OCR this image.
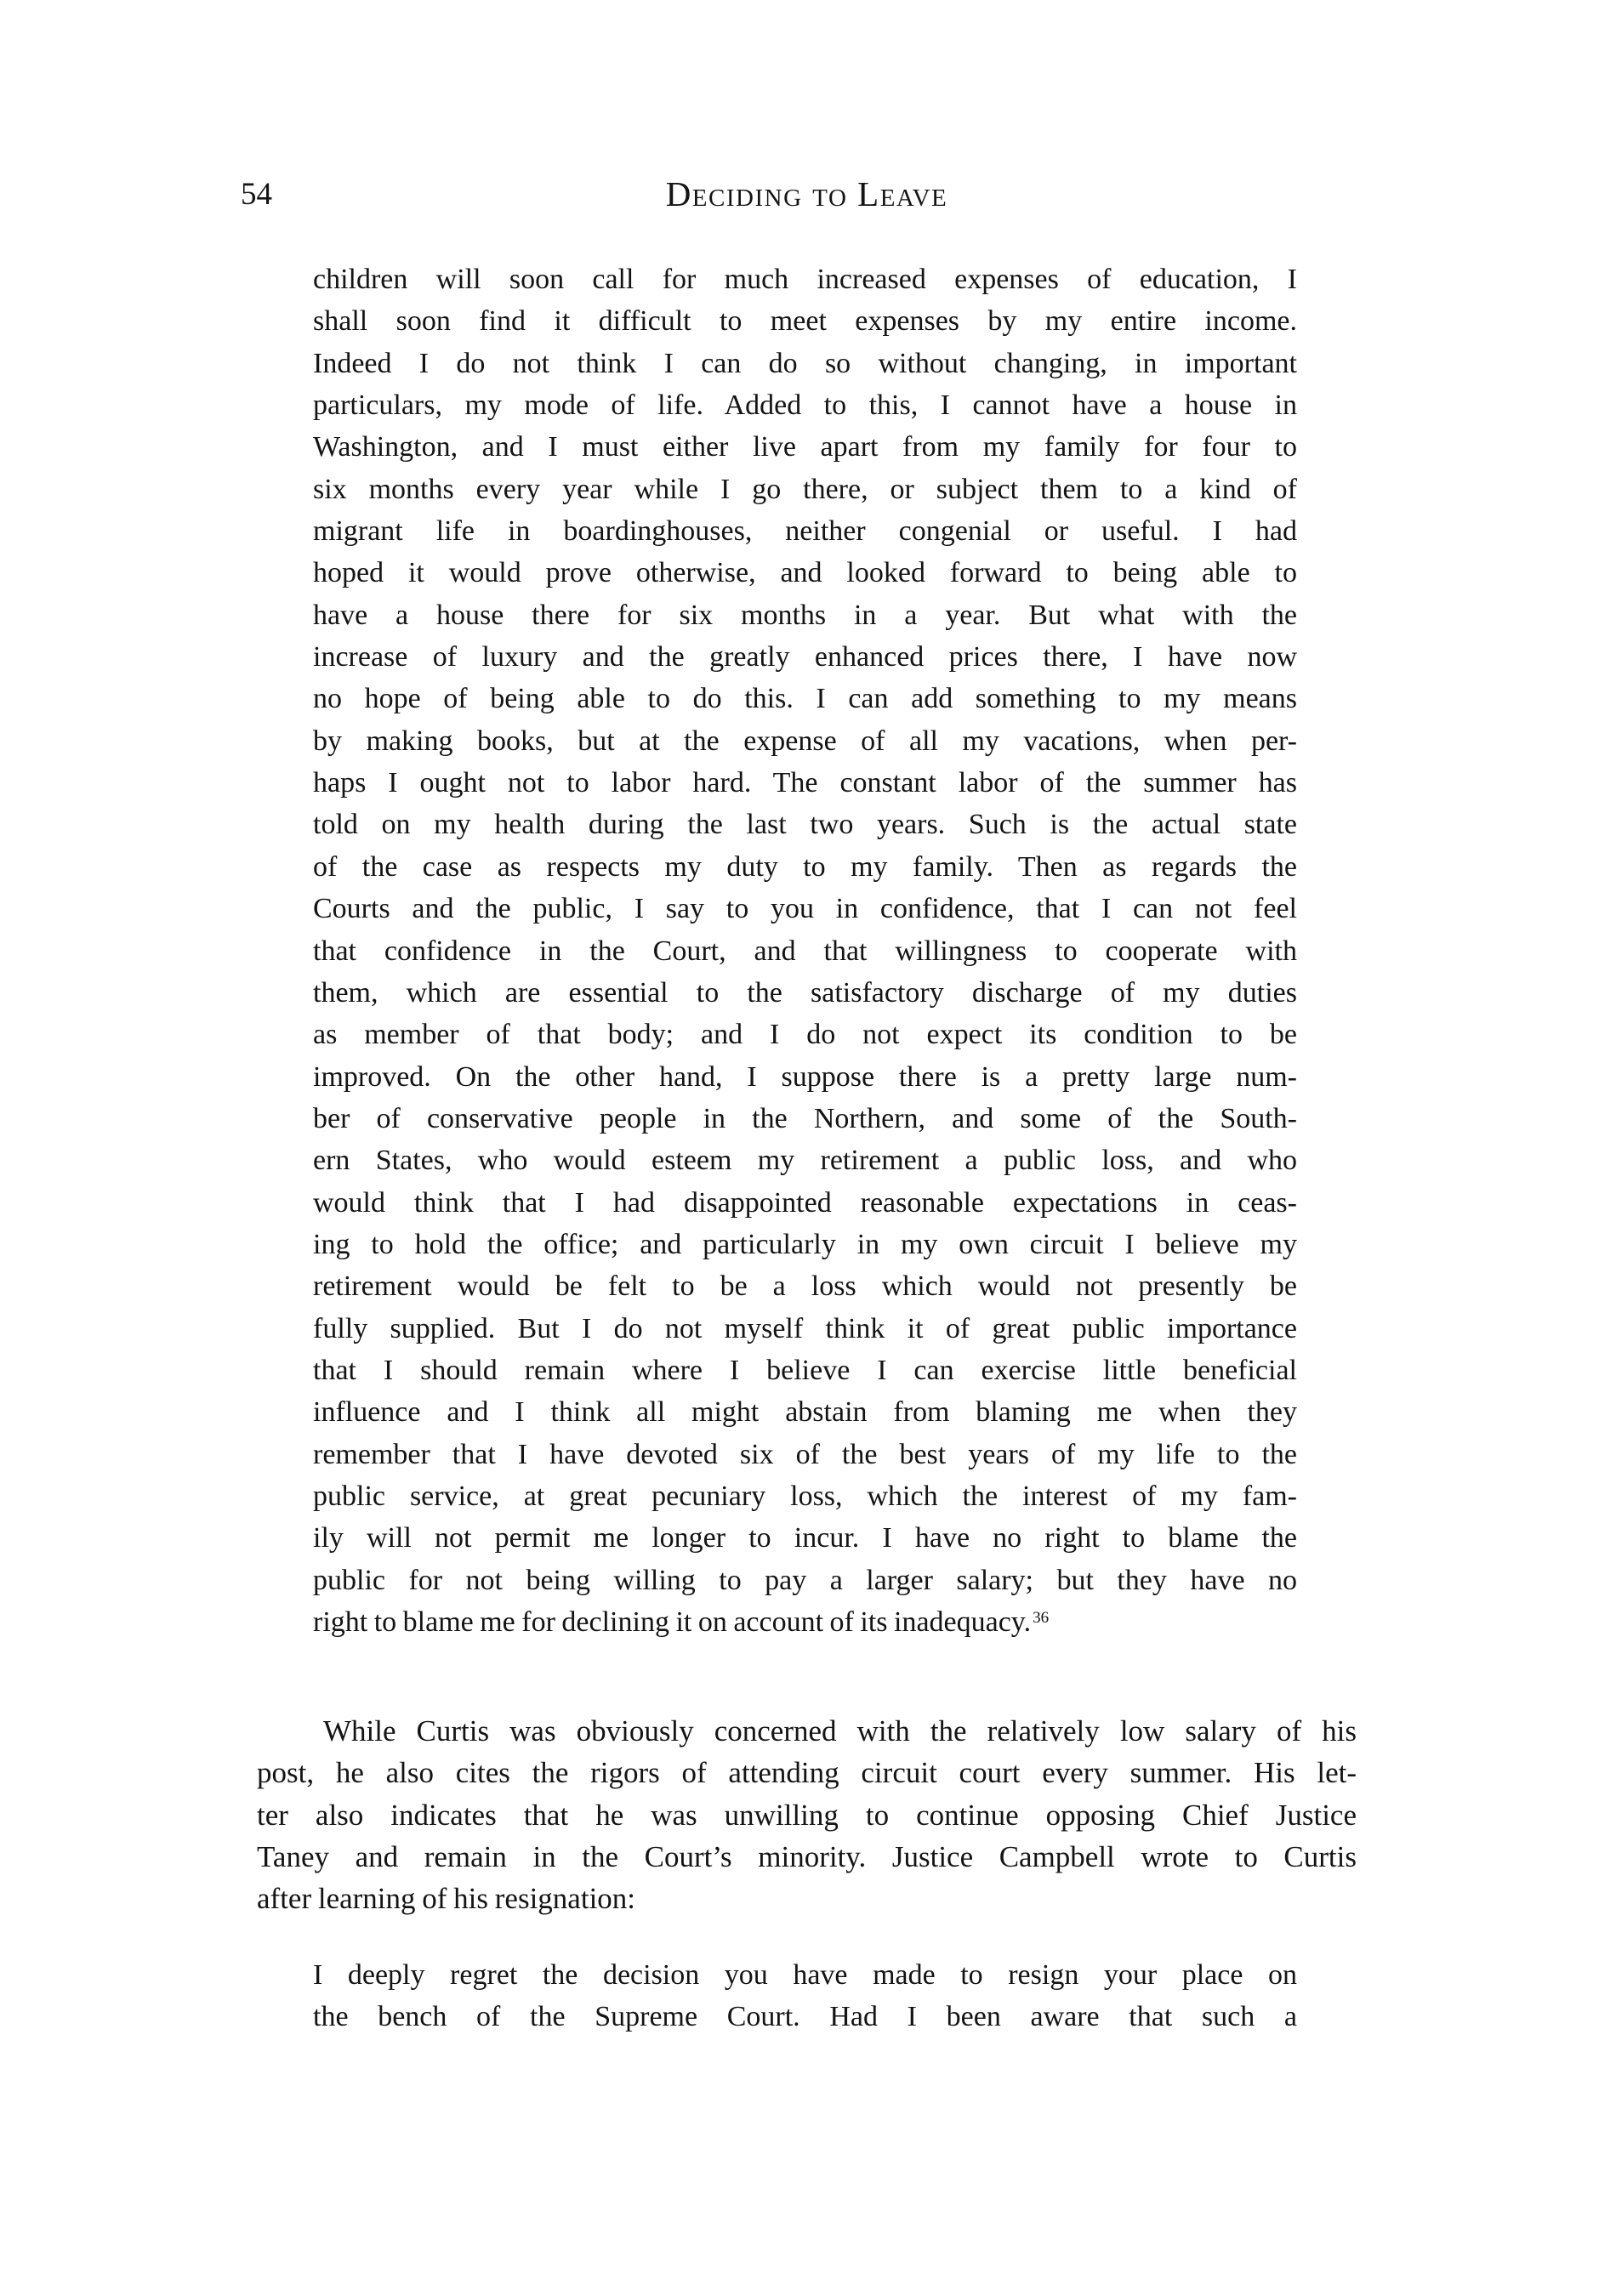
54	Deciding to Leave
children will soon call for much increased expenses of education, I
shall soon find it difficult to meet expenses by my entire income.
Indeed I do not think I can do so without changing, in important
particulars, my mode of life. Added to this, I cannot have a house in
Washington, and I must either live apart from my family for four to
six months every year while I go there, or subject them to a kind of
migrant life in boardinghouses, neither congenial or useful. I had
hoped it would prove otherwise, and looked forward to being able to
have a house there for six months in a year. But what with the
increase of luxury and the greatly enhanced prices there, I have now
no hope of being able to do this. I can add something to my means
by making books, but at the expense of all my vacations, when per-
haps I ought not to labor hard. The constant labor of the summer has
told on my health during the last two years. Such is the actual state
of the case as respects my duty to my family. Then as regards the
Courts and the public, I say to you in confidence, that I can not feel
that confidence in the Court, and that willingness to cooperate with
them, which are essential to the satisfactory discharge of my duties
as member of that body; and I do not expect its condition to be
improved. On the other hand, I suppose there is a pretty large num-
ber of conservative people in the Northern, and some of the South-
ern States, who would esteem my retirement a public loss, and who
would think that I had disappointed reasonable expectations in ceas-
ing to hold the office; and particularly in my own circuit I believe my
retirement would be felt to be a loss which would not presently be
fully supplied. But I do not myself think it of great public importance
that I should remain where I believe I can exercise little beneficial
influence and I think all might abstain from blaming me when they
remember that I have devoted six of the best years of my life to the
public service, at great pecuniary loss, which the interest of my fam-
ily will not permit me longer to incur. I have no right to blame the
public for not being willing to pay a larger salary; but they have no
right to blame me for declining it on account of its inadequacy. $^{36}$
While Curtis was obviously concerned with the relatively low salary of his
post, he also cites the rigors of attending circuit court every summer. His let-
ter also indicates that he was unwilling to continue opposing Chief Justice
Taney and remain in the Court’s minority. Justice Campbell wrote to Curtis
after learning of his resignation:
I deeply regret the decision you have made to resign your place on
the bench of the Supreme Court. Had I been aware that such a
